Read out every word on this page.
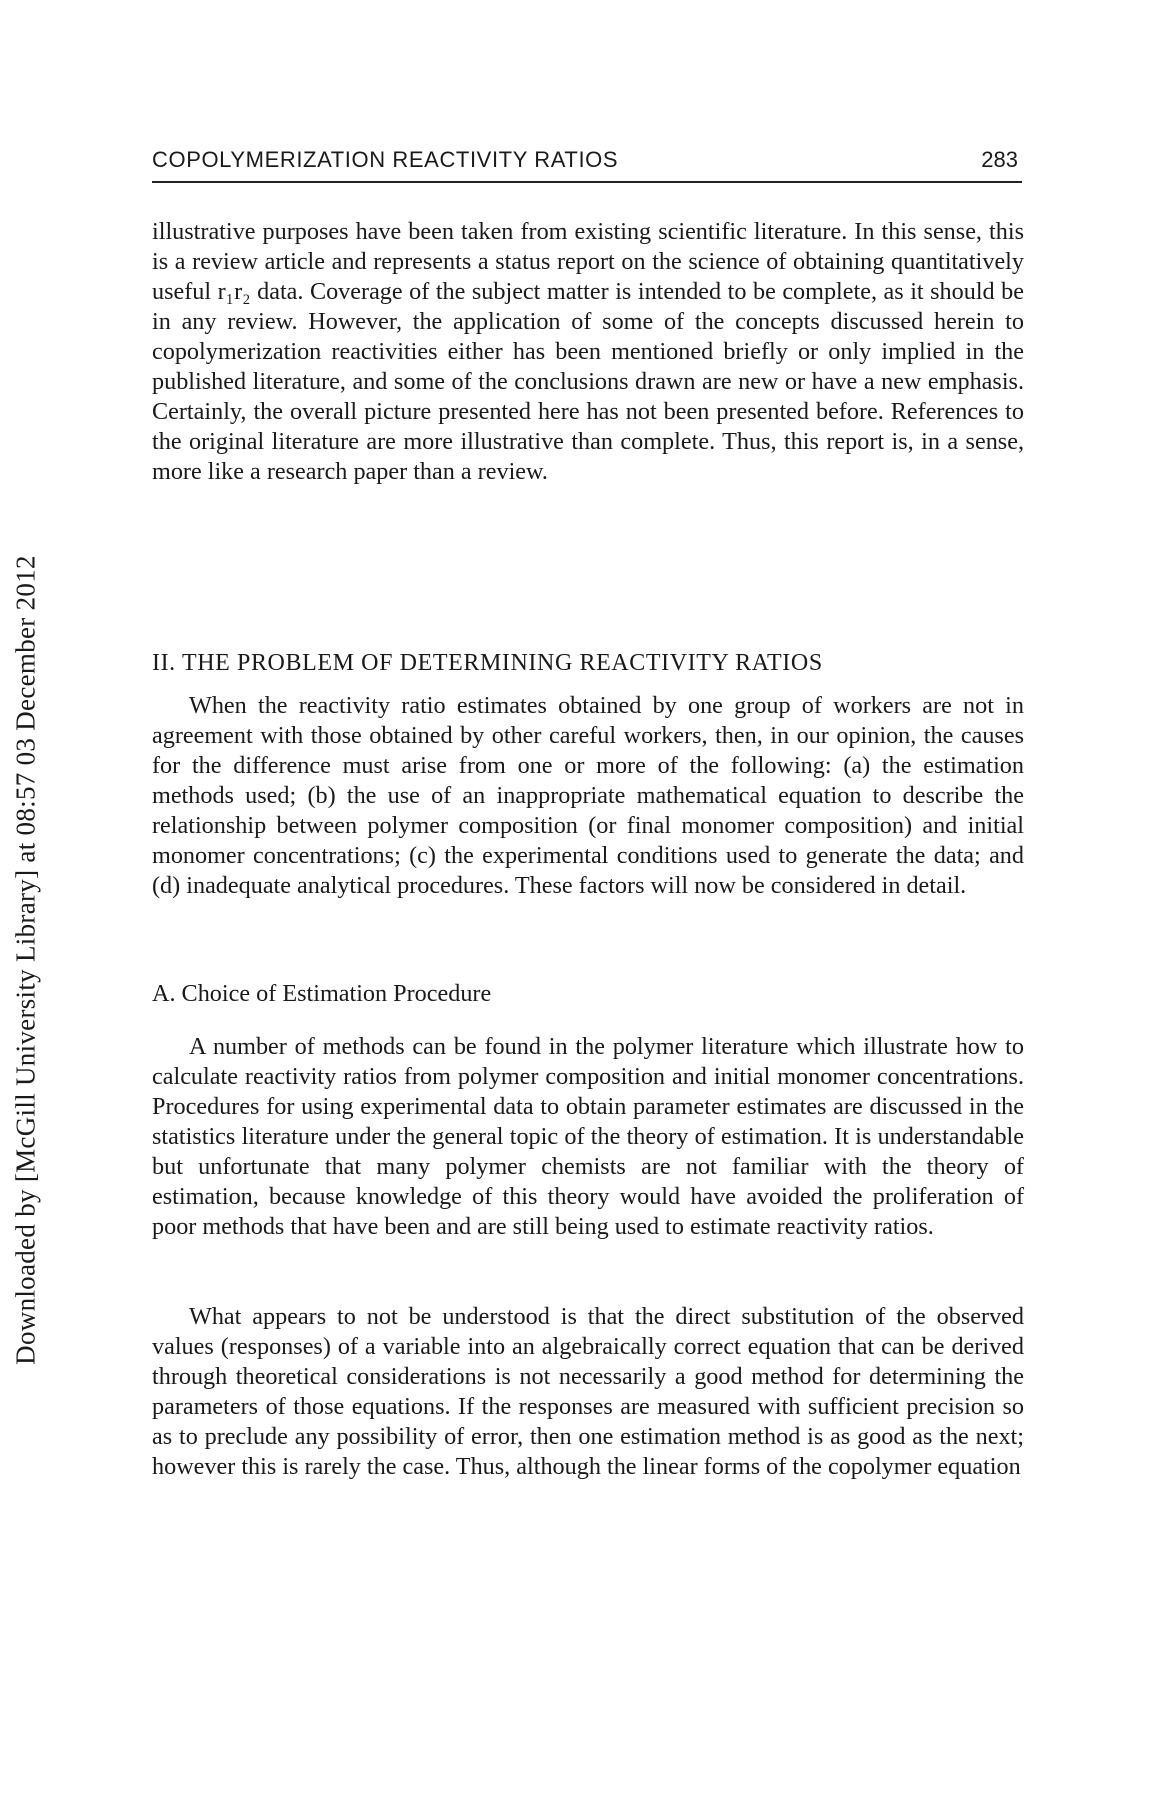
Downloaded by [McGill University Library] at 08:57 03 December 2012
COPOLYMERIZATION REACTIVITY RATIOS	283

illustrative purposes have been taken from existing scientific literature. In this sense, this is a review article and represents a status report on the science of obtaining quantitatively useful r₁r₂ data. Coverage of the subject matter is intended to be complete, as it should be in any review. However, the application of some of the concepts discussed herein to copolymerization reactivities either has been mentioned briefly or only implied in the published literature, and some of the conclusions drawn are new or have a new emphasis. Certainly, the overall picture presented here has not been presented before. References to the original literature are more illustrative than complete. Thus, this report is, in a sense, more like a research paper than a review.

II. THE PROBLEM OF DETERMINING REACTIVITY RATIOS

When the reactivity ratio estimates obtained by one group of workers are not in agreement with those obtained by other careful workers, then, in our opinion, the causes for the difference must arise from one or more of the following: (a) the estimation methods used; (b) the use of an inappropriate mathematical equation to describe the relationship between polymer composition (or final monomer composition) and initial monomer concentrations; (c) the experimental conditions used to generate the data; and (d) inadequate analytical procedures. These factors will now be considered in detail.

A. Choice of Estimation Procedure

A number of methods can be found in the polymer literature which illustrate how to calculate reactivity ratios from polymer composition and initial monomer concentrations. Procedures for using experimental data to obtain parameter estimates are discussed in the statistics literature under the general topic of the theory of estimation. It is understandable but unfortunate that many polymer chemists are not familiar with the theory of estimation, because knowledge of this theory would have avoided the proliferation of poor methods that have been and are still being used to estimate reactivity ratios.

What appears to not be understood is that the direct substitution of the observed values (responses) of a variable into an algebraically correct equation that can be derived through theoretical considerations is not necessarily a good method for determining the parameters of those equations. If the responses are measured with sufficient precision so as to preclude any possibility of error, then one estimation method is as good as the next; however this is rarely the case. Thus, although the linear forms of the copolymer equation
